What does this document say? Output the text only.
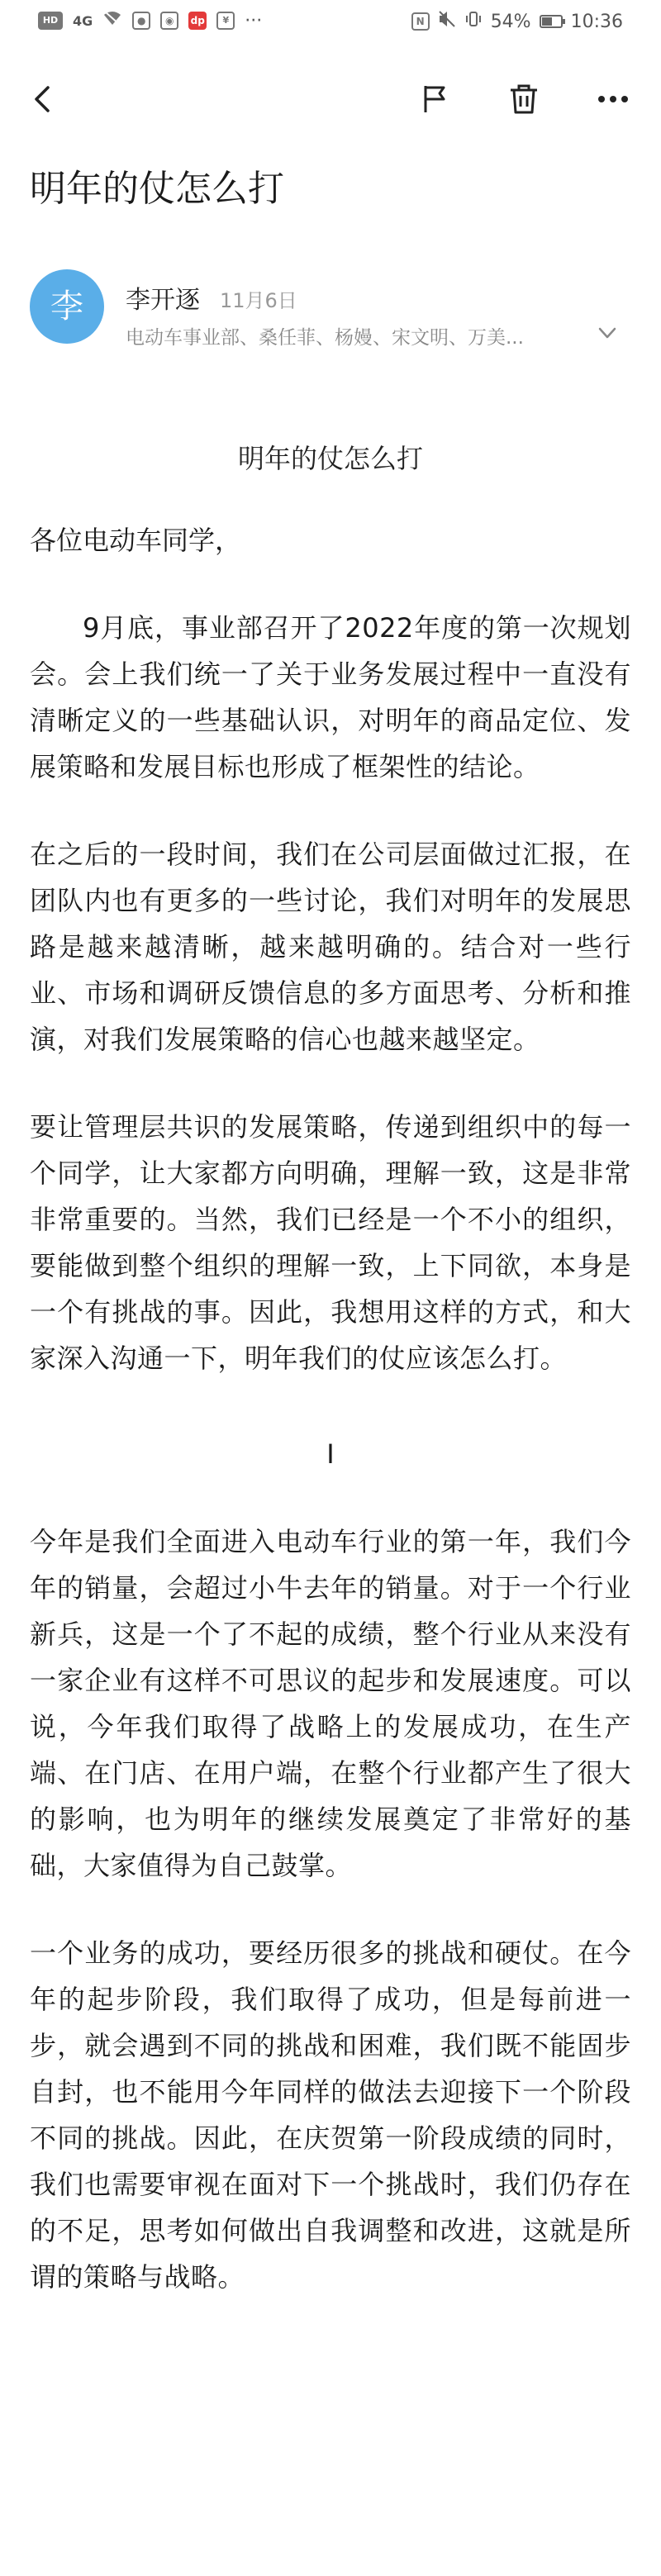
HD	4G	●	◉	dp	¥ ···	N	54% 10:36
明年的仗怎么打
李	李开逐 11月6日
电动车事业部、桑任菲、杨嫚、宋文明、万美...
明年的仗怎么打
各位电动车同学，
9月底，事业部召开了2022年度的第一次规划会。会上我们统一了关于业务发展过程中一直没有清晰定义的一些基础认识，对明年的商品定位、发展策略和发展目标也形成了框架性的结论。
在之后的一段时间，我们在公司层面做过汇报，在团队内也有更多的一些讨论，我们对明年的发展思路是越来越清晰，越来越明确的。结合对一些行业、市场和调研反馈信息的多方面思考、分析和推演，对我们发展策略的信心也越来越坚定。
要让管理层共识的发展策略，传递到组织中的每一个同学，让大家都方向明确，理解一致，这是非常非常重要的。当然，我们已经是一个不小的组织，要能做到整个组织的理解一致，上下同欲，本身是一个有挑战的事。因此，我想用这样的方式，和大家深入沟通一下，明年我们的仗应该怎么打。
I
今年是我们全面进入电动车行业的第一年，我们今年的销量，会超过小牛去年的销量。对于一个行业新兵，这是一个了不起的成绩，整个行业从来没有一家企业有这样不可思议的起步和发展速度。可以说，今年我们取得了战略上的发展成功，在生产端、在门店、在用户端，在整个行业都产生了很大的影响，也为明年的继续发展奠定了非常好的基础，大家值得为自己鼓掌。
一个业务的成功，要经历很多的挑战和硬仗。在今年的起步阶段，我们取得了成功，但是每前进一步，就会遇到不同的挑战和困难，我们既不能固步自封，也不能用今年同样的做法去迎接下一个阶段不同的挑战。因此，在庆贺第一阶段成绩的同时，我们也需要审视在面对下一个挑战时，我们仍存在的不足，思考如何做出自我调整和改进，这就是所谓的策略与战略。
